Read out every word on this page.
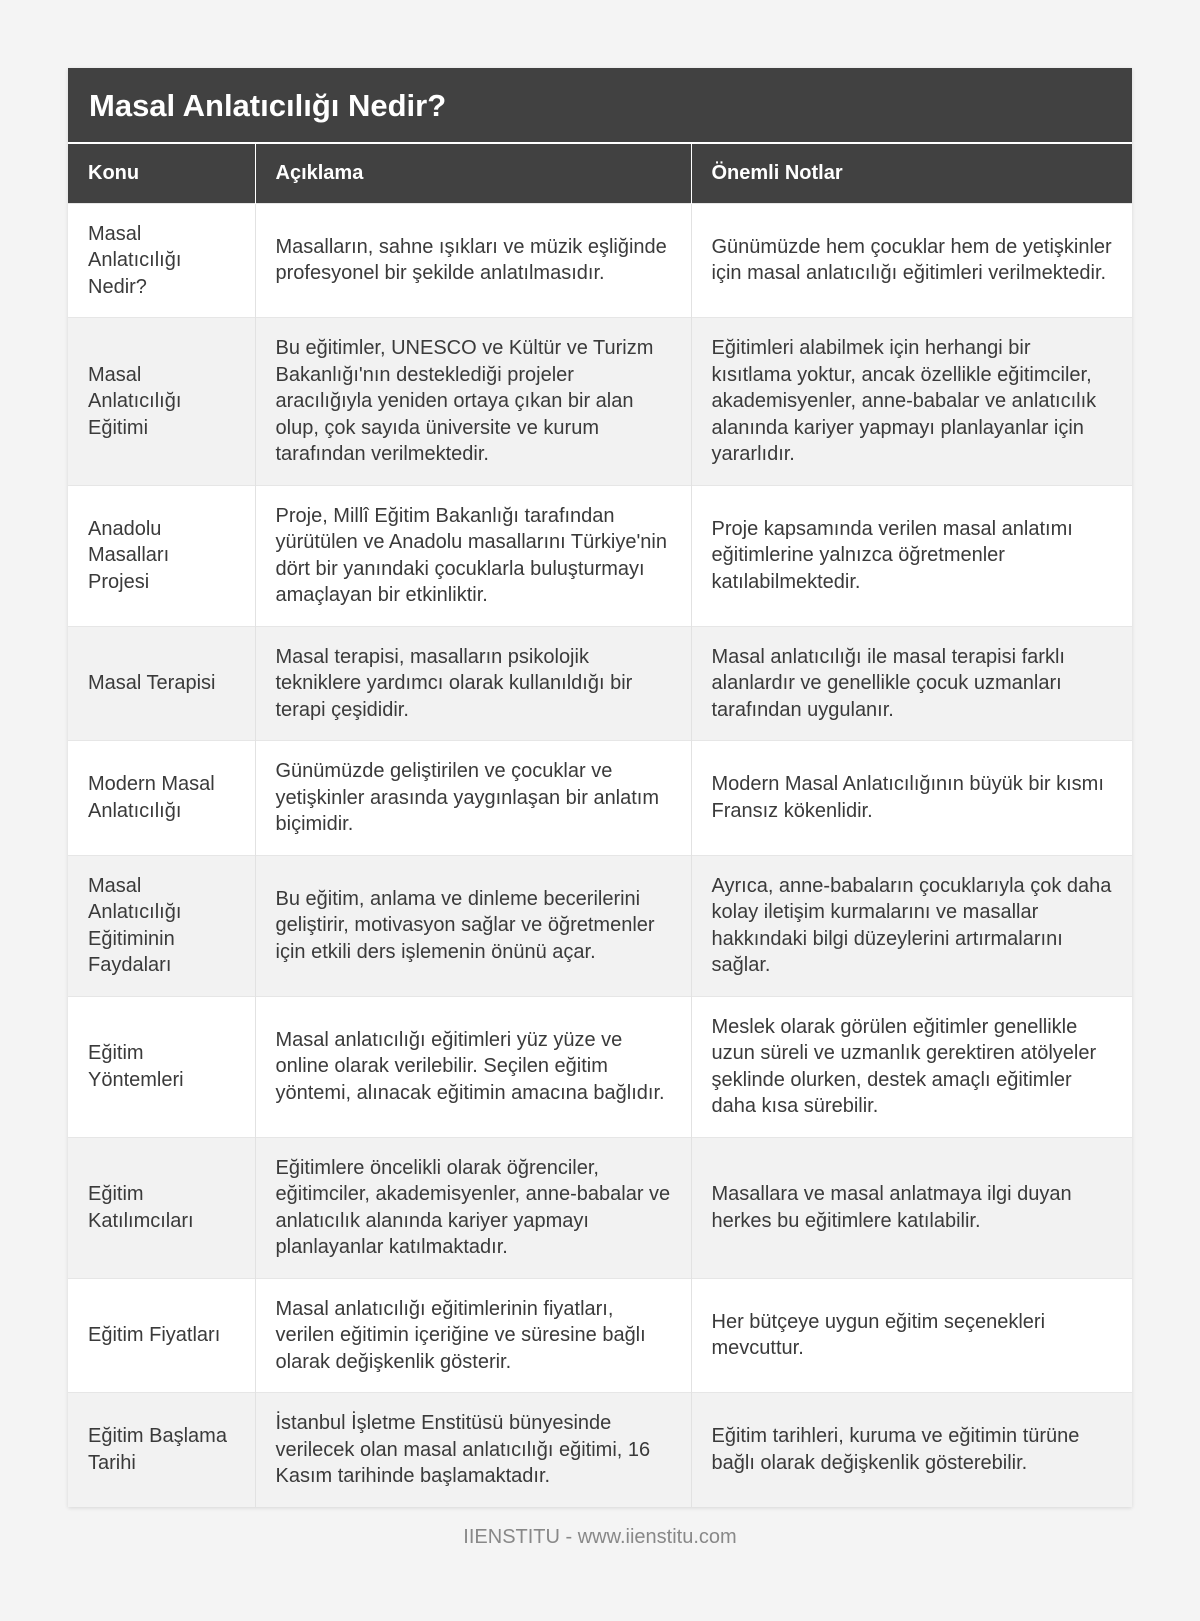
Masal Anlatıcılığı Nedir?
Konu	Açıklama	Önemli Notlar
Masal Anlatıcılığı Nedir?	Masalların, sahne ışıkları ve müzik eşliğinde profesyonel bir şekilde anlatılmasıdır.	Günümüzde hem çocuklar hem de yetişkinler için masal anlatıcılığı eğitimleri verilmektedir.
Masal Anlatıcılığı Eğitimi	Bu eğitimler, UNESCO ve Kültür ve Turizm Bakanlığı'nın desteklediği projeler aracılığıyla yeniden ortaya çıkan bir alan olup, çok sayıda üniversite ve kurum tarafından verilmektedir.	Eğitimleri alabilmek için herhangi bir kısıtlama yoktur, ancak özellikle eğitimciler, akademisyenler, anne-babalar ve anlatıcılık alanında kariyer yapmayı planlayanlar için yararlıdır.
Anadolu Masalları Projesi	Proje, Millî Eğitim Bakanlığı tarafından yürütülen ve Anadolu masallarını Türkiye'nin dört bir yanındaki çocuklarla buluşturmayı amaçlayan bir etkinliktir.	Proje kapsamında verilen masal anlatımı eğitimlerine yalnızca öğretmenler katılabilmektedir.
Masal Terapisi	Masal terapisi, masalların psikolojik tekniklere yardımcı olarak kullanıldığı bir terapi çeşididir.	Masal anlatıcılığı ile masal terapisi farklı alanlardır ve genellikle çocuk uzmanları tarafından uygulanır.
Modern Masal Anlatıcılığı	Günümüzde geliştirilen ve çocuklar ve yetişkinler arasında yaygınlaşan bir anlatım biçimidir.	Modern Masal Anlatıcılığının büyük bir kısmı Fransız kökenlidir.
Masal Anlatıcılığı Eğitiminin Faydaları	Bu eğitim, anlama ve dinleme becerilerini geliştirir, motivasyon sağlar ve öğretmenler için etkili ders işlemenin önünü açar.	Ayrıca, anne-babaların çocuklarıyla çok daha kolay iletişim kurmalarını ve masallar hakkındaki bilgi düzeylerini artırmalarını sağlar.
Eğitim Yöntemleri	Masal anlatıcılığı eğitimleri yüz yüze ve online olarak verilebilir. Seçilen eğitim yöntemi, alınacak eğitimin amacına bağlıdır.	Meslek olarak görülen eğitimler genellikle uzun süreli ve uzmanlık gerektiren atölyeler şeklinde olurken, destek amaçlı eğitimler daha kısa sürebilir.
Eğitim Katılımcıları	Eğitimlere öncelikli olarak öğrenciler, eğitimciler, akademisyenler, anne-babalar ve anlatıcılık alanında kariyer yapmayı planlayanlar katılmaktadır.	Masallara ve masal anlatmaya ilgi duyan herkes bu eğitimlere katılabilir.
Eğitim Fiyatları	Masal anlatıcılığı eğitimlerinin fiyatları, verilen eğitimin içeriğine ve süresine bağlı olarak değişkenlik gösterir.	Her bütçeye uygun eğitim seçenekleri mevcuttur.
Eğitim Başlama Tarihi	İstanbul İşletme Enstitüsü bünyesinde verilecek olan masal anlatıcılığı eğitimi, 16 Kasım tarihinde başlamaktadır.	Eğitim tarihleri, kuruma ve eğitimin türüne bağlı olarak değişkenlik gösterebilir.
IIENSTITU - www.iienstitu.com
